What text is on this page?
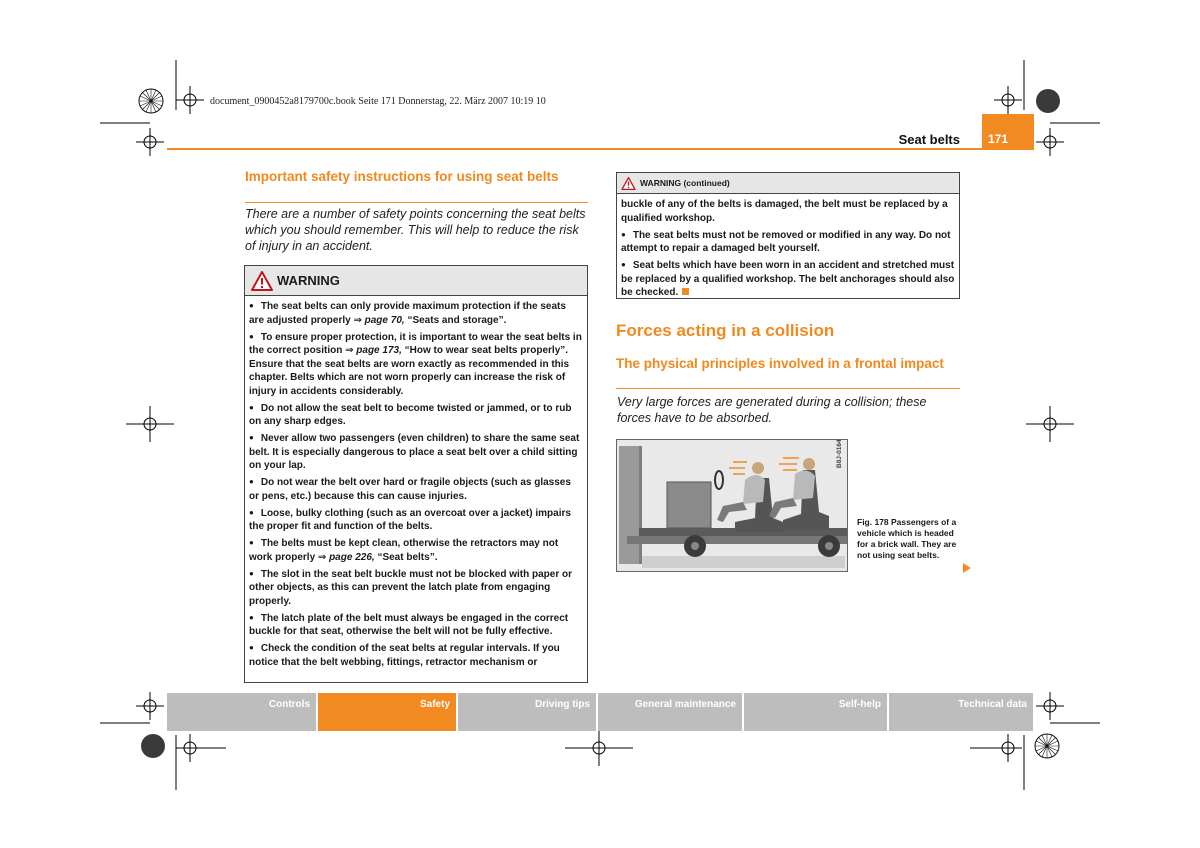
document_0900452a8179700c.book Seite 171 Donnerstag, 22. März 2007 10:19 10
Seat belts	171
Important safety instructions for using seat belts
There are a number of safety points concerning the seat belts which you should remember. This will help to reduce the risk of injury in an accident.
WARNING

● The seat belts can only provide maximum protection if the seats are adjusted properly ⇒ page 70, “Seats and storage”.

● To ensure proper protection, it is important to wear the seat belts in the correct position ⇒ page 173, “How to wear seat belts properly”. Ensure that the seat belts are worn exactly as recommended in this chapter. Belts which are not worn properly can increase the risk of injury in accidents considerably.

● Do not allow the seat belt to become twisted or jammed, or to rub on any sharp edges.

● Never allow two passengers (even children) to share the same seat belt. It is especially dangerous to place a seat belt over a child sitting on your lap.

● Do not wear the belt over hard or fragile objects (such as glasses or pens, etc.) because this can cause injuries.

● Loose, bulky clothing (such as an overcoat over a jacket) impairs the proper fit and function of the belts.

● The belts must be kept clean, otherwise the retractors may not work properly ⇒ page 226, “Seat belts”.

● The slot in the seat belt buckle must not be blocked with paper or other objects, as this can prevent the latch plate from engaging properly.

● The latch plate of the belt must always be engaged in the correct buckle for that seat, otherwise the belt will not be fully effective.

● Check the condition of the seat belts at regular intervals. If you notice that the belt webbing, fittings, retractor mechanism or

WARNING (continued)

buckle of any of the belts is damaged, the belt must be replaced by a qualified workshop.

● The seat belts must not be removed or modified in any way. Do not attempt to repair a damaged belt yourself.

● Seat belts which have been worn in an accident and stretched must be replaced by a qualified workshop. The belt anchorages should also be checked.

Forces acting in a collision
The physical principles involved in a frontal impact
Very large forces are generated during a collision; these forces have to be absorbed.
B8J-0164
Fig. 178 Passengers of a vehicle which is headed for a brick wall. They are not using seat belts.
Controls	Safety	Driving tips	General maintenance	Self-help	Technical data
